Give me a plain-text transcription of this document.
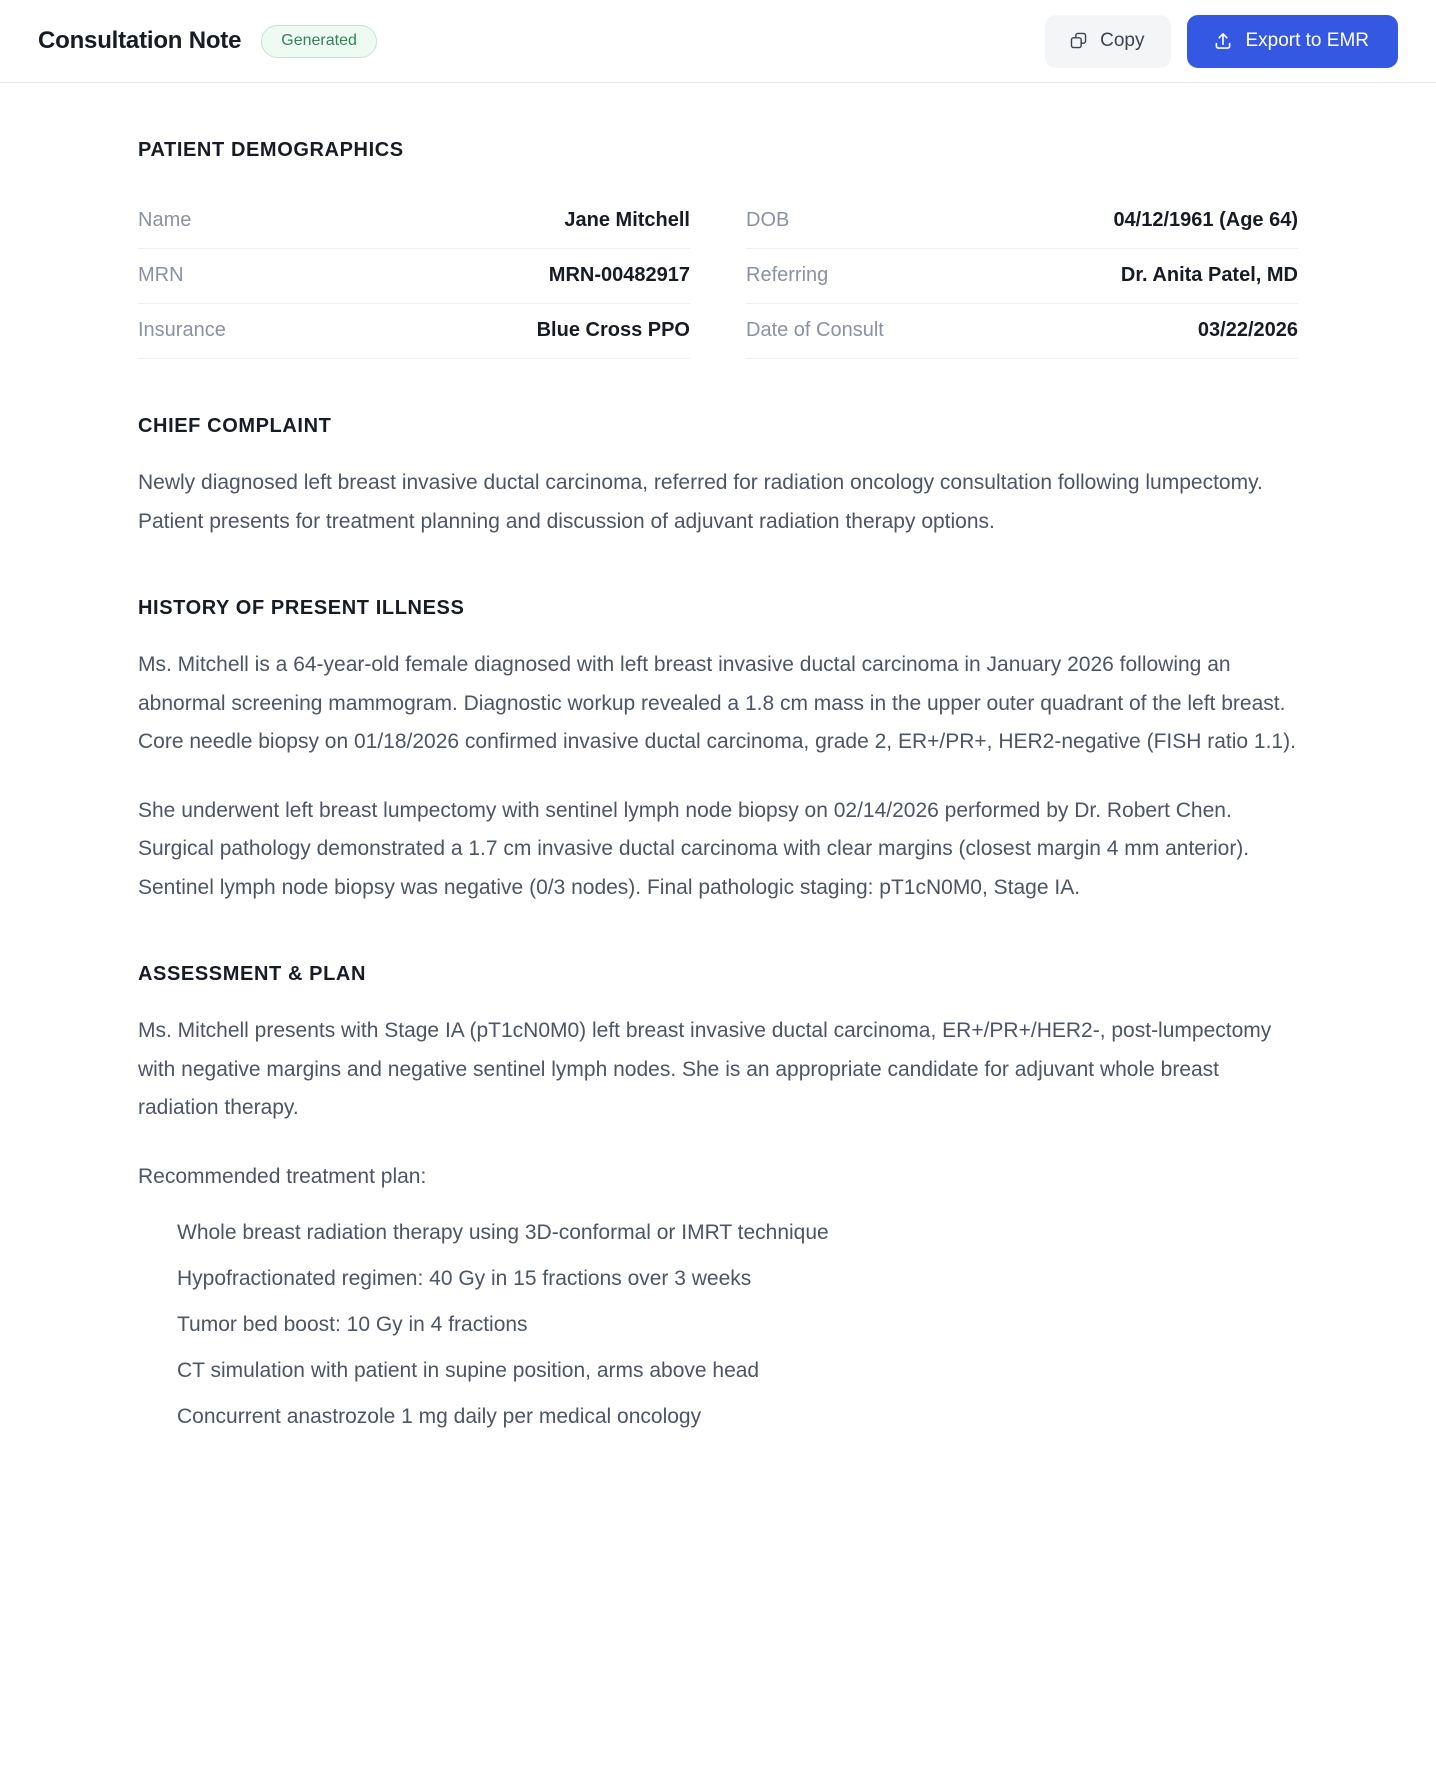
Consultation Note	Generated	Copy	Export to EMR
PATIENT DEMOGRAPHICS
Name	Jane Mitchell	DOB	04/12/1961 (Age 64)
MRN	MRN-00482917	Referring	Dr. Anita Patel, MD
Insurance	Blue Cross PPO	Date of Consult	03/22/2026
CHIEF COMPLAINT

Newly diagnosed left breast invasive ductal carcinoma, referred for radiation oncology consultation following lumpectomy. Patient presents for treatment planning and discussion of adjuvant radiation therapy options.

HISTORY OF PRESENT ILLNESS

Ms. Mitchell is a 64-year-old female diagnosed with left breast invasive ductal carcinoma in January 2026 following an abnormal screening mammogram. Diagnostic workup revealed a 1.8 cm mass in the upper outer quadrant of the left breast. Core needle biopsy on 01/18/2026 confirmed invasive ductal carcinoma, grade 2, ER+/PR+, HER2-negative (FISH ratio 1.1).

She underwent left breast lumpectomy with sentinel lymph node biopsy on 02/14/2026 performed by Dr. Robert Chen. Surgical pathology demonstrated a 1.7 cm invasive ductal carcinoma with clear margins (closest margin 4 mm anterior). Sentinel lymph node biopsy was negative (0/3 nodes). Final pathologic staging: pT1cN0M0, Stage IA.

ASSESSMENT & PLAN

Ms. Mitchell presents with Stage IA (pT1cN0M0) left breast invasive ductal carcinoma, ER+/PR+/HER2-, post-lumpectomy with negative margins and negative sentinel lymph nodes. She is an appropriate candidate for adjuvant whole breast radiation therapy.

Recommended treatment plan:

Whole breast radiation therapy using 3D-conformal or IMRT technique
Hypofractionated regimen: 40 Gy in 15 fractions over 3 weeks
Tumor bed boost: 10 Gy in 4 fractions
CT simulation with patient in supine position, arms above head
Concurrent anastrozole 1 mg daily per medical oncology
